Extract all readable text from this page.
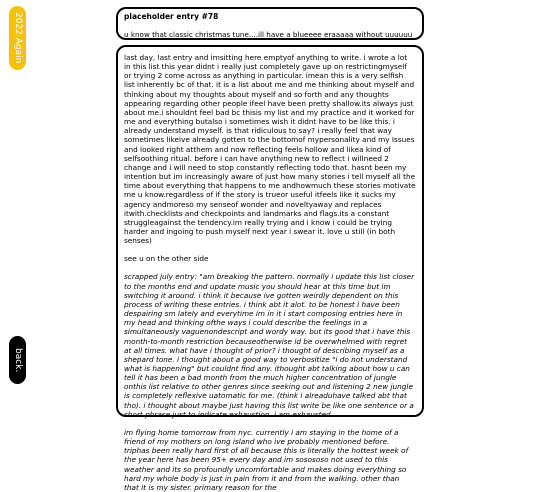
2022 Again
back.
placeholder entry #78
u know that classic christmas tune....ill have a blueeee eraaaaa without uuuuuu

last day, last entry and imsitting here emptyof anything to write. i wrote a lot in this list this year didnt i really just completely gave up on restrictingmyself or trying 2 come across as anything in particular. imean this is a very selfish list inherently bc of that. it is a list about me and me thinking about myself and thinking about my thoughts about myself and so forth and any thoughts appearing regarding other people ifeel have been pretty shallow.its always just about me.i shouldnt feel bad bc thisis my list and my practice and it worked for me and everything butalso i sometimes wish it didnt have to be like this. i already understand myself. is that ridiculous to say? i really feel that way sometimes likeive already gotten to the bottomof mypersonality and my Issues and looked right atthem and now reflecting feels hollow and likea kind of selfsoothing ritual. before i can have anything new to reflect i willneed 2 change and i will need to stop constantly reflecting todo that. hasnt been my intention but im increasingly aware of just how many stories i tell myself all the time about everything that happens to me andhowmuch these stories motivate me u know.regardless of if the story is trueor useful itfeels like it sucks my agency andmoreso my senseof wonder and noveltyaway and replaces itwith.checklists and checkpoints and landmarks and flags.its a constant struggleagainst the tendency.im really trying and i know i could be trying harder and ingoing to push myself next year i swear it. love u still (in both senses)

see u on the other side

scrapped july entry: "am breaking the pattern. normally i update this list closer to the months end and update music you should hear at this time but im switching it around. i think it because ive gotten weirdly dependent on this process of writing these entries. i think abt it alot. to be honest i have been despairing sm lately and everytime im in it i start composing entries here in my head and thinking ofthe ways i could describe the feelings in a simultaneously vaguenondescript and wordy way. but its good that i have this month-to-month restriction becauseotherwise id be overwhelmed with regret at all times. what have i thought of prior? i thought of describing myself as a shepard tone. i thought about a good way to verbositize "i do not understand what is happening" but couldnt find any. ithought abt talking about how u can tell it has been a bad month from the much higher concentration of jungle onthis list relative to other genres since seeking out and listening 2 new jungle is completely reflexive uatomatic for me. (think i alreaduhave talked abt that tho). i thought about maybe just having this list write be like one sentence or a short phrase just to indicate exhaustion. i am exhausted .

im flying home tomorrow from nyc. currently i am staying in the home of a friend of my mothers on long island who ive probably mentioned before. triphas been really hard first of all because this is literally the hottest week of the year here has been 95+ every day and im sosososo not used to this weather and its so profoundly uncomfortable and makes doing everything so hard my whole body is just in pain from it and from the walking. other than that it is my sister. primary reason for the
